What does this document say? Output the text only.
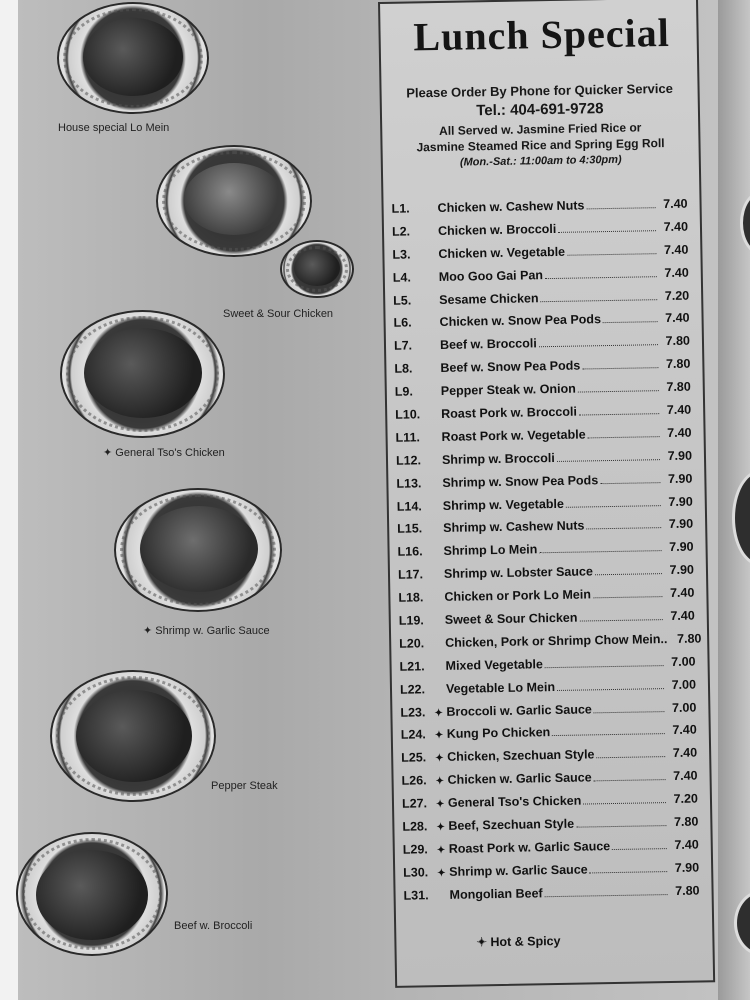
House special Lo Mein
Sweet & Sour Chicken
✦ General Tso's Chicken
✦ Shrimp w. Garlic Sauce
Pepper Steak
Beef w. Broccoli
Lunch Special
Please Order By Phone for Quicker Service
Tel.: 404-691-9728
All Served w. Jasmine Fried Rice or
Jasmine Steamed Rice and Spring Egg Roll
(Mon.-Sat.: 11:00am to 4:30pm)
L1.	Chicken w. Cashew Nuts	7.40
L2.	Chicken w. Broccoli	7.40
L3.	Chicken w. Vegetable	7.40
L4.	Moo Goo Gai Pan	7.40
L5.	Sesame Chicken	7.20
L6.	Chicken w. Snow Pea Pods	7.40
L7.	Beef w. Broccoli	7.80
L8.	Beef w. Snow Pea Pods	7.80
L9.	Pepper Steak w. Onion	7.80
L10.	Roast Pork w. Broccoli	7.40
L11.	Roast Pork w. Vegetable	7.40
L12.	Shrimp w. Broccoli	7.90
L13.	Shrimp w. Snow Pea Pods	7.90
L14.	Shrimp w. Vegetable	7.90
L15.	Shrimp w. Cashew Nuts	7.90
L16.	Shrimp Lo Mein	7.90
L17.	Shrimp w. Lobster Sauce	7.90
L18.	Chicken or Pork Lo Mein	7.40
L19.	Sweet & Sour Chicken	7.40
L20.	Chicken, Pork or Shrimp Chow Mein.. 7.80
L21.	Mixed Vegetable	7.00
L22.	Vegetable Lo Mein	7.00
L23. ✦ Broccoli w. Garlic Sauce	7.00
L24. ✦ Kung Po Chicken	7.40
L25. ✦ Chicken, Szechuan Style	7.40
L26. ✦ Chicken w. Garlic Sauce	7.40
L27. ✦ General Tso's Chicken	7.20
L28. ✦ Beef, Szechuan Style	7.80
L29. ✦ Roast Pork w. Garlic Sauce	7.40
L30. ✦ Shrimp w. Garlic Sauce	7.90
L31.	Mongolian Beef	7.80
✦ Hot & Spicy
